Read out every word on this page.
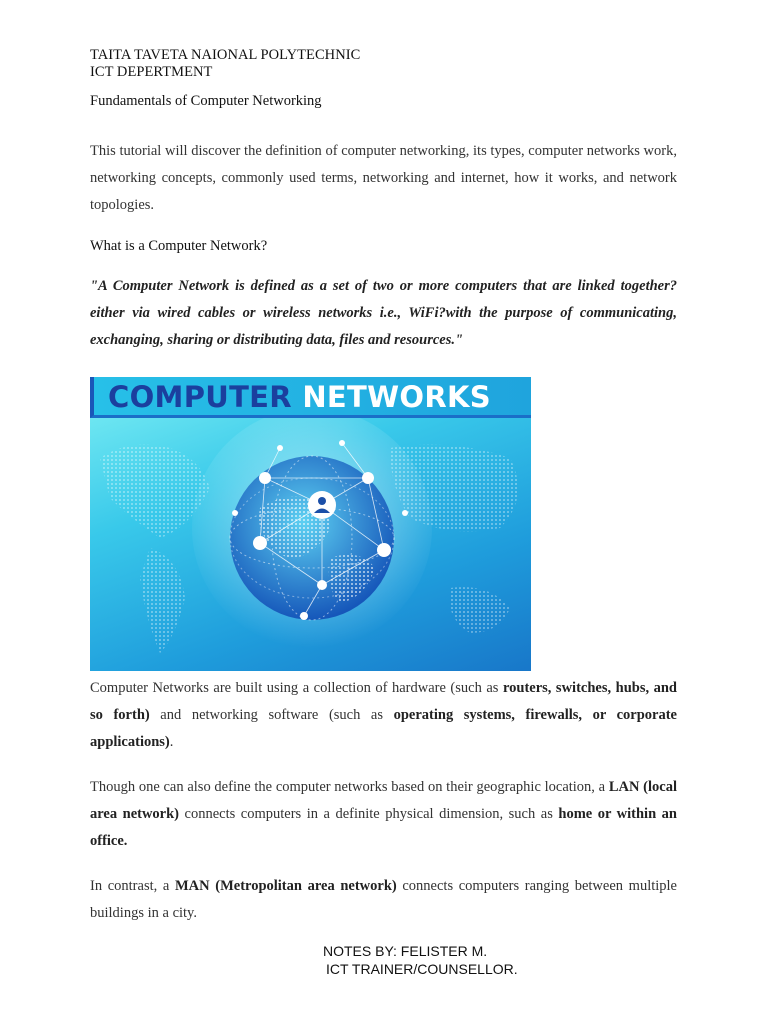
TAITA TAVETA NAIONAL POLYTECHNIC
ICT DEPERTMENT
Fundamentals of Computer Networking

This tutorial will discover the definition of computer networking, its types, computer networks work, networking concepts, commonly used terms, networking and internet, how it works, and network topologies.

What is a Computer Network?

"A Computer Network is defined as a set of two or more computers that are linked together? either via wired cables or wireless networks i.e., WiFi?with the purpose of communicating, exchanging, sharing or distributing data, files and resources."

COMPUTER NETWORKS

Computer Networks are built using a collection of hardware (such as routers, switches, hubs, and so forth) and networking software (such as operating systems, firewalls, or corporate applications).

Though one can also define the computer networks based on their geographic location, a LAN (local area network) connects computers in a definite physical dimension, such as home or within an office.

In contrast, a MAN (Metropolitan area network) connects computers ranging between multiple buildings in a city.

NOTES BY: FELISTER M.
ICT TRAINER/COUNSELLOR.
